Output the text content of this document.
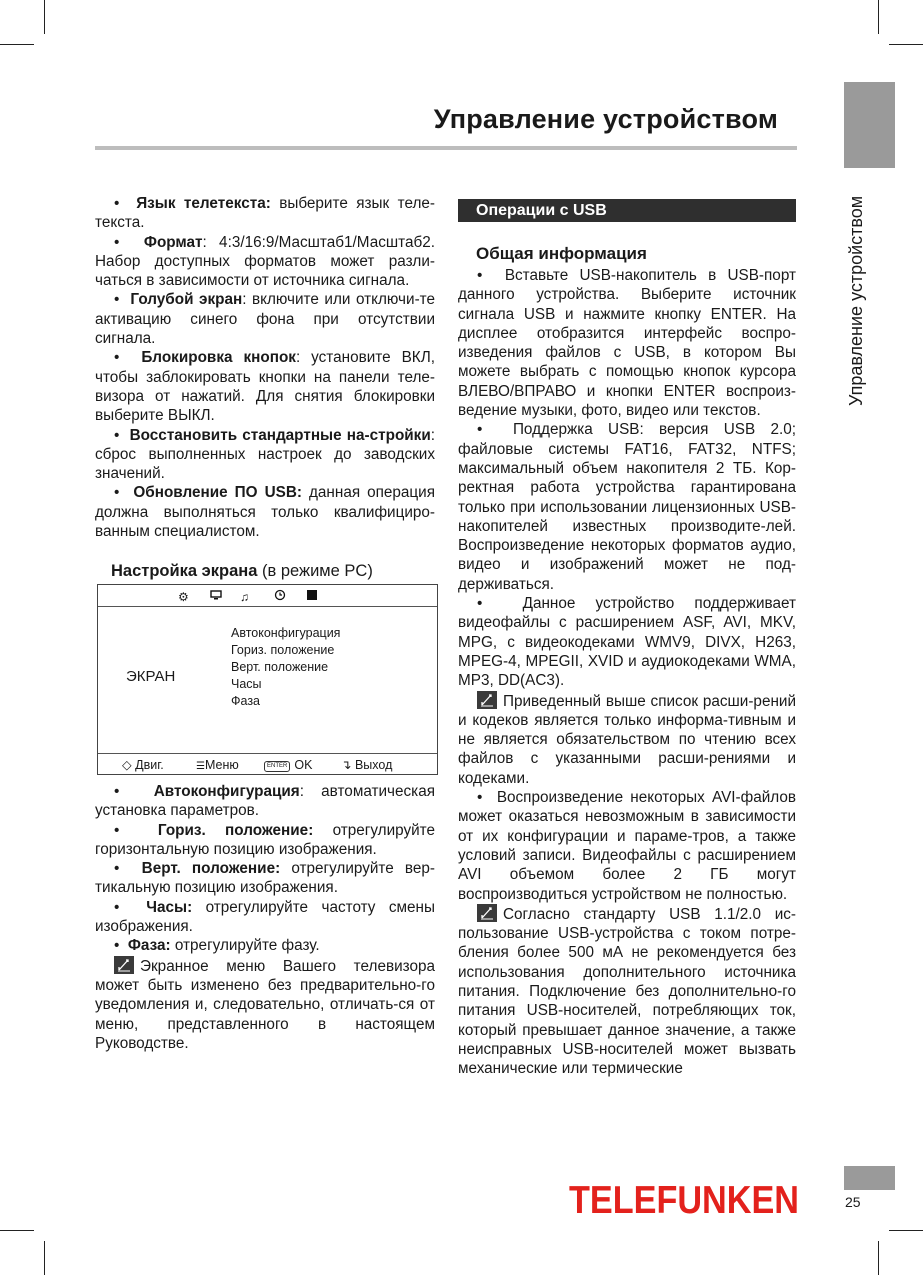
Управление устройством
Управление устройством

•  Язык телетекста: выберите язык теле-текста.

•  Формат: 4:3/16:9/Масштаб1/Масштаб2. Набор доступных форматов может разли-чаться в зависимости от источника сигнала.

•  Голубой экран: включите или отключи-те активацию синего фона при отсутствии сигнала.

•  Блокировка кнопок: установите ВКЛ, чтобы заблокировать кнопки на панели теле-визора от нажатий. Для снятия блокировки выберите ВЫКЛ.

•  Восстановить стандартные на-стройки: сброс выполненных настроек до заводских значений.

•  Обновление ПО USB: данная операция должна выполняться только квалифициро-ванным специалистом.

Настройка экрана (в режиме PC)
⚙	♫
ЭКРАН
Автоконфигурация
Гориз. положение
Верт. положение
Часы
Фаза
◇ Двиг.	☰Меню	ENTER OK ↴ Выход

•  Автоконфигурация: автоматическая установка параметров.

•  Гориз. положение: отрегулируйте горизонтальную позицию изображения.

•  Верт. положение: отрегулируйте вер-тикальную позицию изображения.

•  Часы: отрегулируйте частоту смены изображения.

•  Фаза: отрегулируйте фазу.

Экранное меню Вашего телевизора может быть изменено без предварительно-го уведомления и, следовательно, отличать-ся от меню, представленного в настоящем Руководстве.

Операции с USB
Общая информация

•  Вставьте USB-накопитель в USB-порт данного устройства. Выберите источник сигнала USB и нажмите кнопку ENTER. На дисплее отобразится интерфейс воспро-изведения файлов с USB, в котором Вы можете выбрать с помощью кнопок курсора ВЛЕВО/ВПРАВО и кнопки ENTER воспроиз-ведение музыки, фото, видео или текстов.

•  Поддержка USB: версия USB 2.0; файловые системы FAT16, FAT32, NTFS; максимальный объем накопителя 2 ТБ. Кор-ректная работа устройства гарантирована только при использовании лицензионных USB-накопителей известных производите-лей. Воспроизведение некоторых форматов аудио, видео и изображений может не под-держиваться.

•  Данное устройство поддерживает видеофайлы с расширением ASF, AVI, MKV, MPG, с видеокодеками WMV9, DIVX, H263, MPEG-4, MPEGII, XVID и аудиокодеками WMA, MP3, DD(AC3).

Приведенный выше список расши-рений и кодеков является только информа-тивным и не является обязательством по чтению всех файлов с указанными расши-рениями и кодеками.

•  Воспроизведение некоторых AVI-файлов может оказаться невозможным в зависимости от их конфигурации и параме-тров, а также условий записи. Видеофайлы с расширением AVI объемом более 2 ГБ могут воспроизводиться устройством не полностью.

Согласно стандарту USB 1.1/2.0 ис-пользование USB-устройства с током потре-бления более 500 мА не рекомендуется без использования дополнительного источника питания. Подключение без дополнительно-го питания USB-носителей, потребляющих ток, который превышает данное значение, а также неисправных USB-носителей может вызвать механические или термические

TELEFUNKEN	25
